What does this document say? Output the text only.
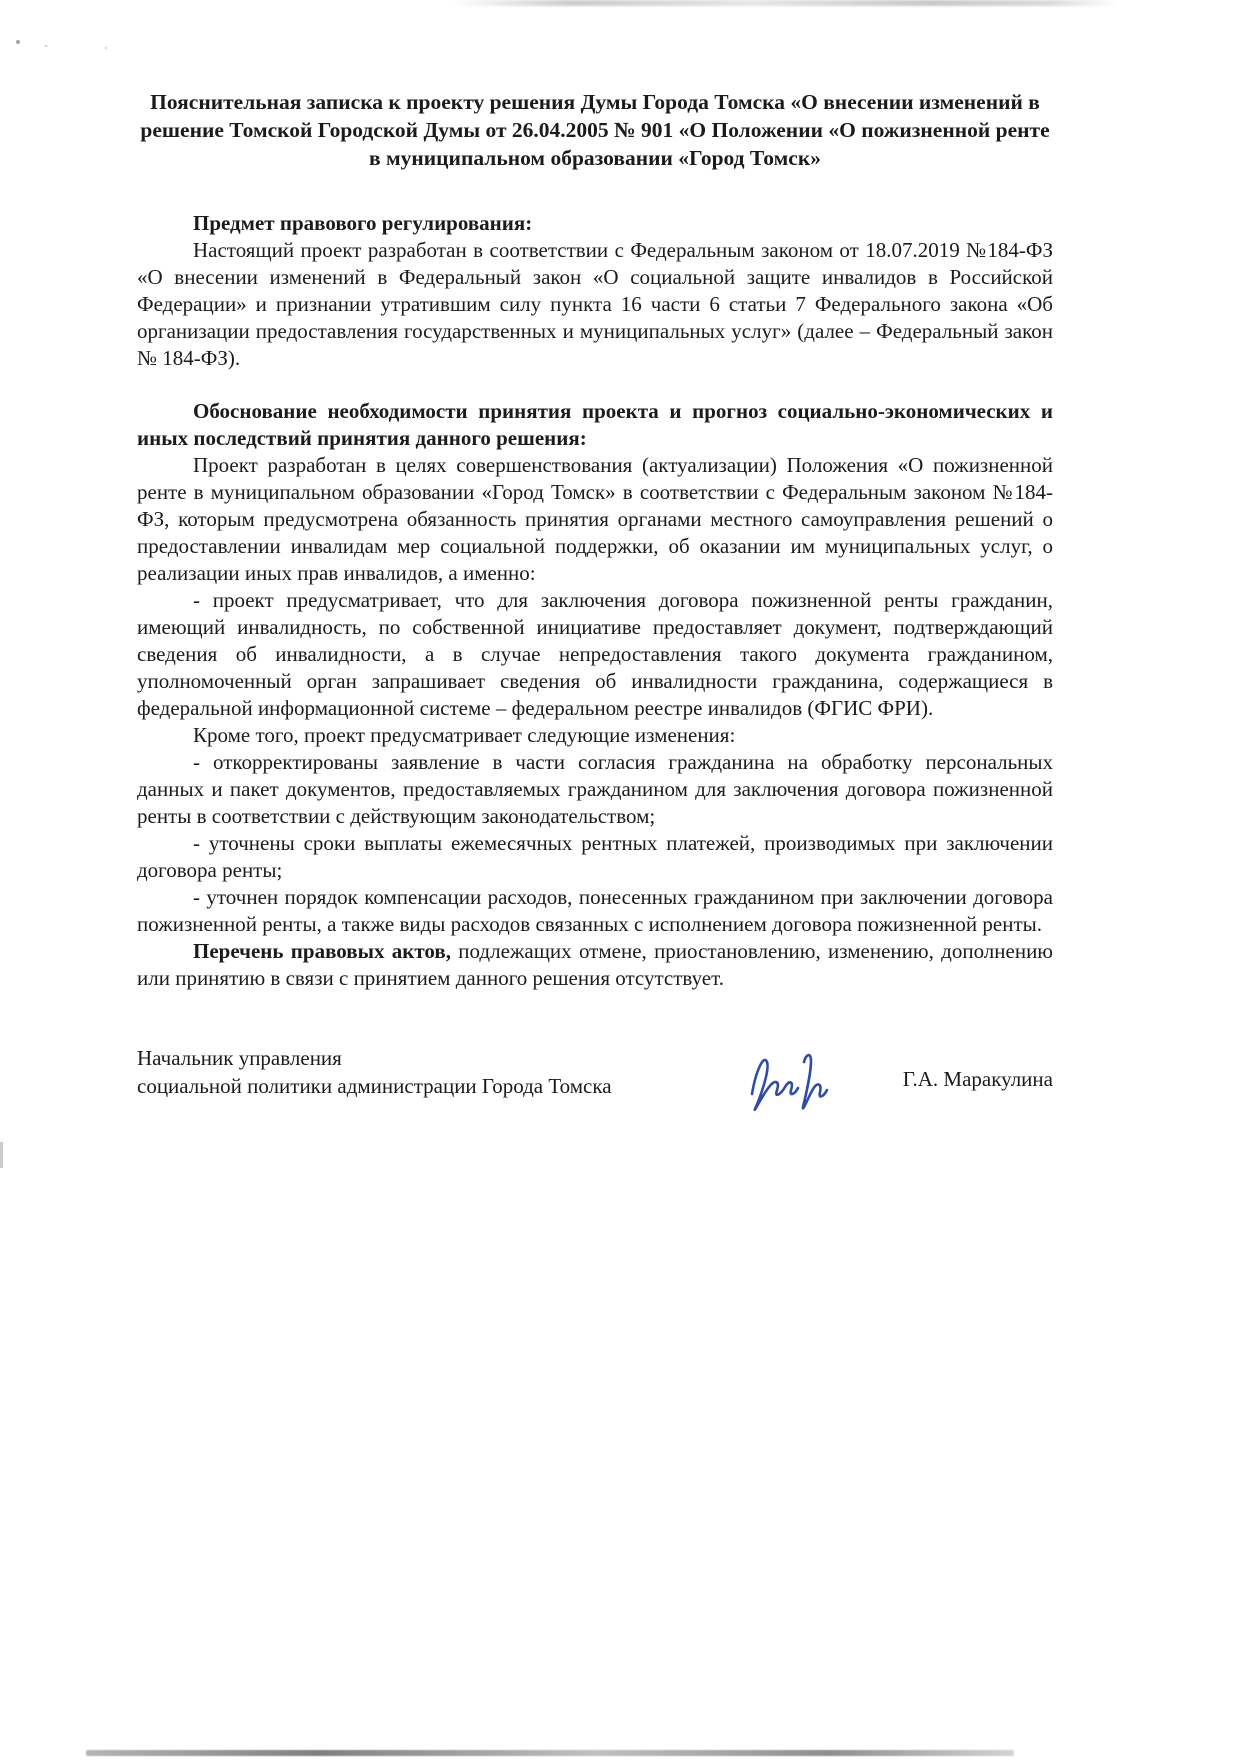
Пояснительная записка к проекту решения Думы Города Томска «О внесении изменений в решение Томской Городской Думы от 26.04.2005 № 901 «О Положении «О пожизненной ренте в муниципальном образовании «Город Томск»

Предмет правового регулирования:

Настоящий проект разработан в соответствии с Федеральным законом от 18.07.2019 №184-ФЗ «О внесении изменений в Федеральный закон «О социальной защите инвалидов в Российской Федерации» и признании утратившим силу пункта 16 части 6 статьи 7 Федерального закона «Об организации предоставления государственных и муниципальных услуг» (далее – Федеральный закон № 184-ФЗ).

Обоснование необходимости принятия проекта и прогноз социально-экономических и иных последствий принятия данного решения:

Проект разработан в целях совершенствования (актуализации) Положения «О пожизненной ренте в муниципальном образовании «Город Томск» в соответствии с Федеральным законом №184-ФЗ, которым предусмотрена обязанность принятия органами местного самоуправления решений о предоставлении инвалидам мер социальной поддержки, об оказании им муниципальных услуг, о реализации иных прав инвалидов, а именно:

- проект предусматривает, что для заключения договора пожизненной ренты гражданин, имеющий инвалидность, по собственной инициативе предоставляет документ, подтверждающий сведения об инвалидности, а в случае непредоставления такого документа гражданином, уполномоченный орган запрашивает сведения об инвалидности гражданина, содержащиеся в федеральной информационной системе – федеральном реестре инвалидов (ФГИС ФРИ).

Кроме того, проект предусматривает следующие изменения:

- откорректированы заявление в части согласия гражданина на обработку персональных данных и пакет документов, предоставляемых гражданином для заключения договора пожизненной ренты в соответствии с действующим законодательством;

- уточнены сроки выплаты ежемесячных рентных платежей, производимых при заключении договора ренты;

- уточнен порядок компенсации расходов, понесенных гражданином при заключении договора пожизненной ренты, а также виды расходов связанных с исполнением договора пожизненной ренты.

Перечень правовых актов, подлежащих отмене, приостановлению, изменению, дополнению или принятию в связи с принятием данного решения отсутствует.

Начальник управления
социальной политики администрации Города Томска	Г.А. Маракулина
